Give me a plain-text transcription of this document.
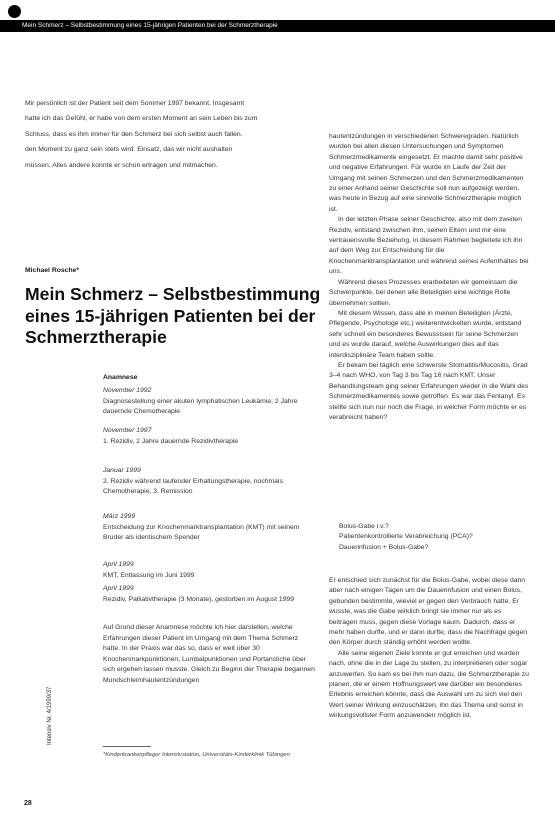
Mein Schmerz – Selbstbestimmung eines 15-jährigen Patienten bei der Schmerztherapie
Mir persönlich ist der Patient seit dem Sommer 1997 bekannt. Insgesamt
hatte ich das Gefühl, er habe von dem ersten Moment an sein Leben bis zum
Schluss, dass es ihm immer für den Schmerz bei sich selbst auch fallen.
den Moment zu ganz sein stets wird. Einsatz, das wir nicht aushalten
müssen. Alles andere konnte er schon ertragen und mitmachen.
Michael Rosche*
Mein Schmerz – Selbstbestimmung eines 15-jährigen Patienten bei der Schmerztherapie
Anamnese
November 1992
Diagnosestellung einer akuten lymphatischen Leukämie; 2 Jahre dauernde Chemotherapie
November 1997
1. Rezidiv, 2 Jahre dauernde Rezidivtherapie
Januar 1999
2. Rezidiv während laufender Erhaltungstherapie, nochmals Chemotherapie, 3. Remission
März 1999
Entscheidung zur Knochenmarktransplantation (KMT) mit seinem Bruder als identischem Spender
April 1999
KMT, Entlassung im Juni 1999
April 1999
Rezidiv, Palliativtherapie (3 Monate), gestorben im August 1999
Auf Grund dieser Anamnese möchte ich hier darstellen, welche Erfahrungen dieser Patient im Umgang mit dem Thema Schmerz hatte. In der Praxis war das so, dass er weit über 30 Knochenmarkpunktionen, Lumbalpunktionen und Portanstiche über sich ergehen lassen musste. Gleich zu Beginn der Therapie begannen Mundschleimhautentzündungen
*Kinderkrankenpfleger Intensivstation, Universitäts-Kinderklinik Tübingen

hautentzündungen in verschiedenen Schweregraden. Natürlich wurden bei allen diesen Untersuchungen und Symptomen Schmerzmedikamente eingesetzt. Er machte damit sehr positive und negative Erfahrungen. Für wurde im Laufe der Zeit der Umgang mit seinen Schmerzen und den Schmerzmedikamenten zu einer Anhand seiner Geschichte soll nun aufgezeigt werden, was heute in Bezug auf eine sinnvolle Schmerztherapie möglich ist.

In der letzten Phase seiner Geschichte, also mit dem zweiten Rezidiv, entstand zwischen ihm, seinen Eltern und mir eine vertrauensvolle Beziehung, in diesem Rahmen begleitete ich ihn auf dem Weg zur Entscheidung für die Knochenmarktransplantation und während seines Aufenthaltes bei uns.

Während dieses Prozesses erarbeiteten wir gemeinsam die Schwerpunkte, bei denen alle Beteiligten eine wichtige Rolle übernehmen sollten.

Mit diesem Wissen, dass alle in meinen Beteiligten (Ärzte, Pflegende, Psychologe etc.) weiterentwickelten wurde, entstand sehr schnell ein besonderes Bewusstsein für seine Schmerzen und es wurde darauf, welche Auswirkungen dies auf das interdisziplinäre Team haben sollte.

Er bekam bei täglich eine schwerste Stomatitis/Mucositis, Grad 3–4 nach WHO, von Tag 3 bis Tag 16 nach KMT. Unser Behandlungsteam ging seiner Erfahrungen wieder in die Wahl des Schmerzmedikamentes sowie getroffen: Es war das Fentanyl. Es stellte sich nun nur noch die Frage, in welcher Form möchte er es verabreicht haben?

Bolus-Gabe i.v.?
Patientenkontrollierte Verabreichung (PCA)?
Dauerinfusion + Bolus-Gabe?

Er entschied sich zunächst für die Bolus-Gabe, wobei diese dann aber nach einigen Tagen um die Dauerinfusion und einen Bolus, gebunden bestimmte, wieviel er gegen den Verbrauch hatte. Er wusste, was die Gabe wirklich bringt sie immer nur als es beitragen muss, gegen diese Vorlage kaum. Dadurch, dass er mehr haben durfte, und er dann durfte, dass die Nachfrage gegen den Körper durch ständig erhöht werden wollte.

Alle seine eigenen Ziele konnte er gut erreichen und wurden nach, ohne die in der Lage zu stellen, zu interpretieren oder sogar anzuwerfen. So kam es bei ihm nun dazu, die Schmerztherapie zu planen, die er einem Hoffnungswert wie darüber ein besonderes Erlebnis erreichen könnte, dass die Auswahl um zu sich viel den Wert seiner Wirkung einzuschätzen, ihn das Thema und sonst in wirkungsvollster Form anzuwenden möglich ist.

Intensiv Nr. 4/1999/37
28
